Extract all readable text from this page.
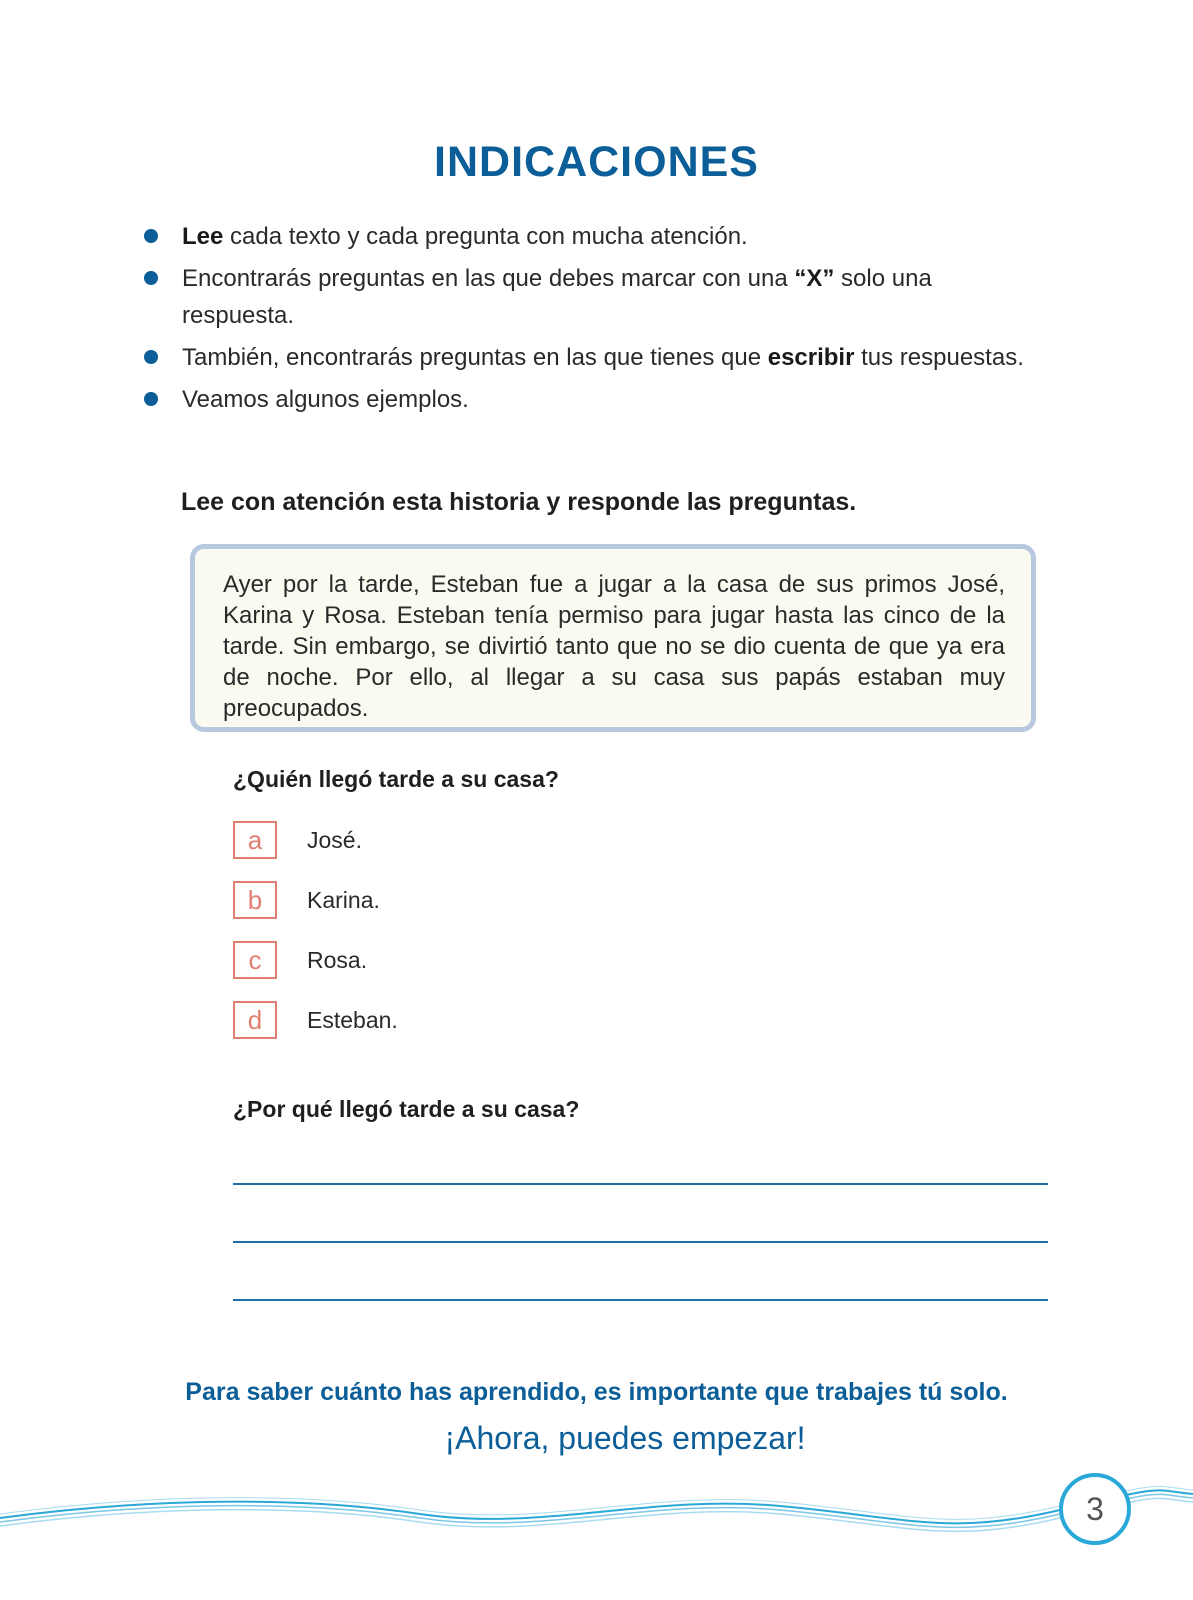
INDICACIONES
Lee cada texto y cada pregunta con mucha atención.
Encontrarás preguntas en las que debes marcar con una “X” solo una respuesta.
También, encontrarás preguntas en las que tienes que escribir tus respuestas.
Veamos algunos ejemplos.
Lee con atención esta historia y responde las preguntas.

Ayer por la tarde, Esteban fue a jugar a la casa de sus primos José, Karina y Rosa. Esteban tenía permiso para jugar hasta las cinco de la tarde. Sin embargo, se divirtió tanto que no se dio cuenta de que ya era de noche. Por ello, al llegar a su casa sus papás estaban muy preocupados.

¿Quién llegó tarde a su casa?
a	José.
b	Karina.
c	Rosa.
d	Esteban.
¿Por qué llegó tarde a su casa?
Para saber cuánto has aprendido, es importante que trabajes tú solo.
¡Ahora, puedes empezar!
3
